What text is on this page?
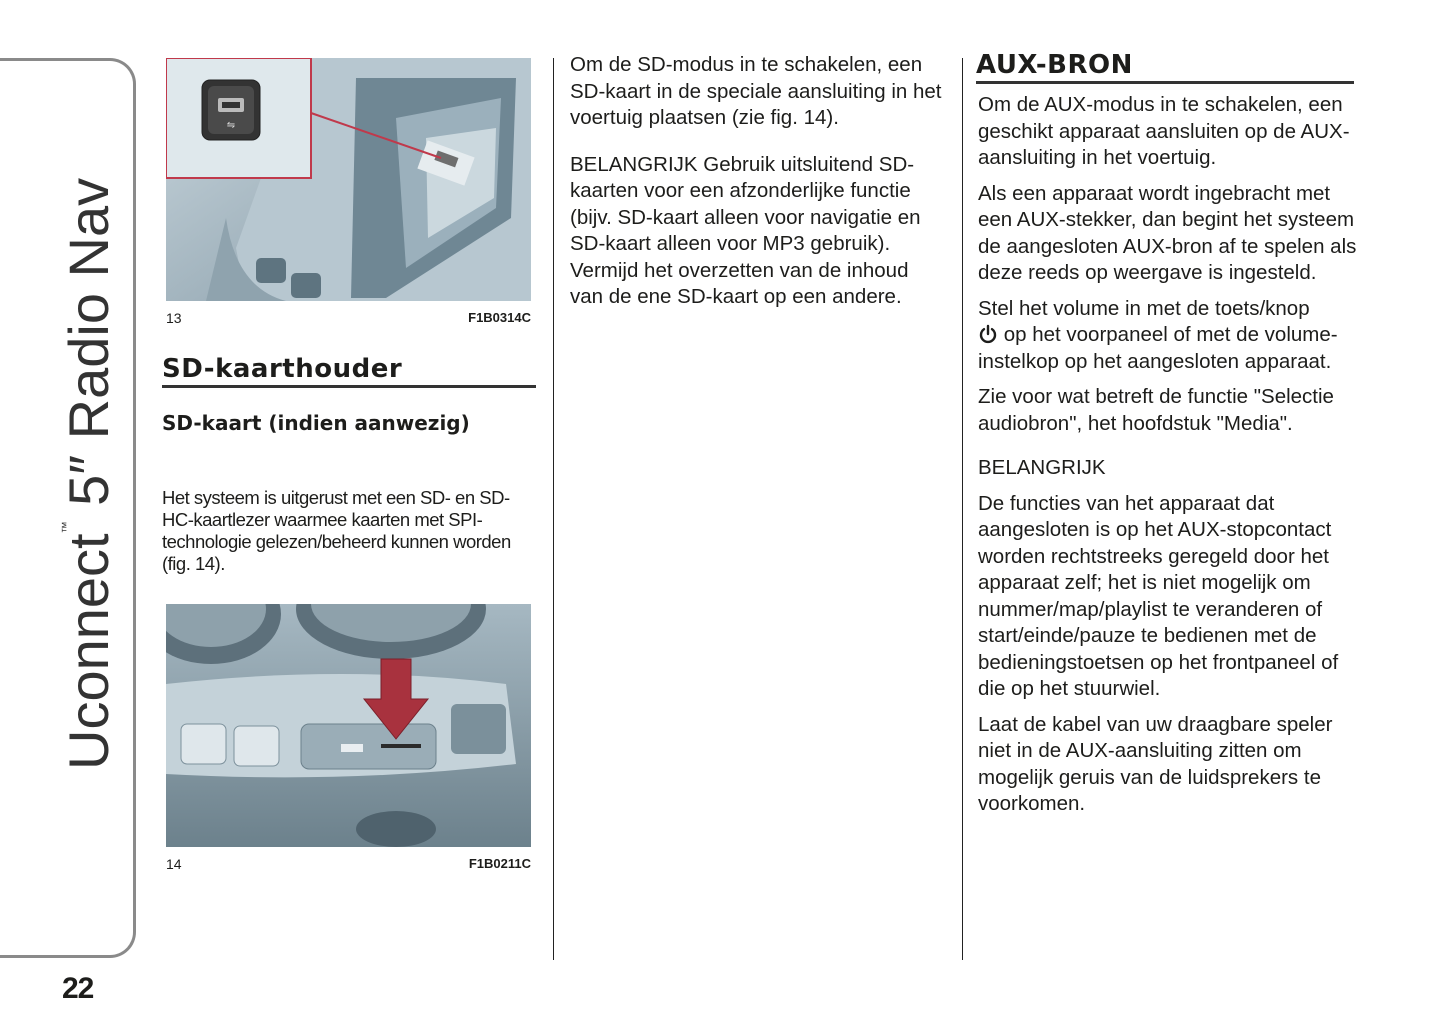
Uconnect™ 5″ Radio Nav
22
⇋
13	F1B0314C
SD-kaarthouder
SD-kaart (indien aanwezig)
Het systeem is uitgerust met een SD- en SD-HC-kaartlezer waarmee kaarten met SPI-technologie gelezen/beheerd kunnen worden (fig. 14).
14	F1B0211C

Om de SD-modus in te schakelen, een SD-kaart in de speciale aansluiting in het voertuig plaatsen (zie fig. 14).

BELANGRIJK Gebruik uitsluitend SD-kaarten voor een afzonderlijke functie (bijv. SD-kaart alleen voor navigatie en SD-kaart alleen voor MP3 gebruik). Vermijd het overzetten van de inhoud van de ene SD-kaart op een andere.

AUX-BRON

Om de AUX-modus in te schakelen, een geschikt apparaat aansluiten op de AUX-aansluiting in het voertuig.

Als een apparaat wordt ingebracht met een AUX-stekker, dan begint het systeem de aangesloten AUX-bron af te spelen als deze reeds op weergave is ingesteld.

Stel het volume in met de toets/knop
op het voorpaneel of met de volume-instelkop op het aangesloten apparaat.

Zie voor wat betreft de functie "Selectie audiobron", het hoofdstuk "Media".

BELANGRIJK

De functies van het apparaat dat aangesloten is op het AUX-stopcontact worden rechtstreeks geregeld door het apparaat zelf; het is niet mogelijk om nummer/map/playlist te veranderen of start/einde/pauze te bedienen met de bedieningstoetsen op het frontpaneel of die op het stuurwiel.

Laat de kabel van uw draagbare speler niet in de AUX-aansluiting zitten om mogelijk geruis van de luidsprekers te voorkomen.
